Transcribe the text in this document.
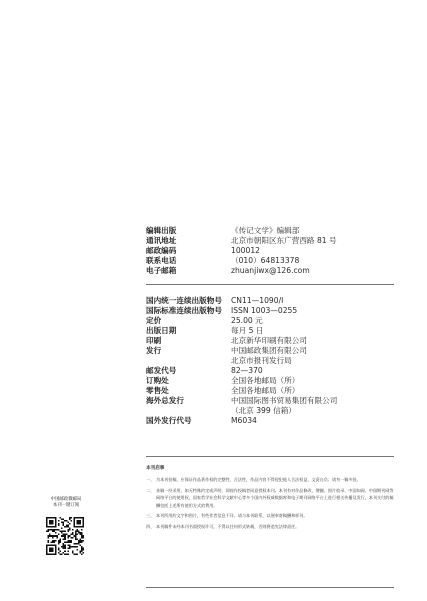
编辑出版	《传记文学》编辑部
通讯地址	北京市朝阳区东广营西路 81 号
邮政编码	100012
联系电话	（010）64813378
电子邮箱	zhuanjiwx@126.com
国内统一连续出版物号	CN11—1090/I
国际标准连续出版物号	ISSN 1003—0255
定价	25.00 元
出版日期	每月 5 日
印刷	北京新华印刷有限公司
发行	中国邮政集团有限公司
北京市报刊发行局
邮发代号	82—370
订购处	全国各地邮局（所）
零售处	全国各地邮局（所）
海外总发行	中国国际图书贸易集团有限公司
（北京 399 信箱）
国外发行代号	M6034
本刊启事
一、 为本刊投稿，应保证作品著作权的完整性、合法性，作品内容不得侵犯他人合法权益，文责自负；请勿一稿多投。
二、 来稿一经采用，如无特殊约定或声明，即视作投稿者同意授权本刊。本刊有对作品修改、增删、图片收录、中国知网、中国期刊网等网络平台的使用权，国家哲学社会科学文献中心等多个国内外权威数据库和电子期刊网络平台上进行相关传播及发行，本刊支付的稿酬包括上述所有使用方式的费用。
三、 本刊所用约文字和图片，有些作者信息不详，请与本刊联系，以便奉寄稿酬和样刊。
四、 本刊稿件未经本刊书面授权许可，不得以任何形式转载，否则将追究法律责任。
中国邮政微邮局
本刊一键订阅
